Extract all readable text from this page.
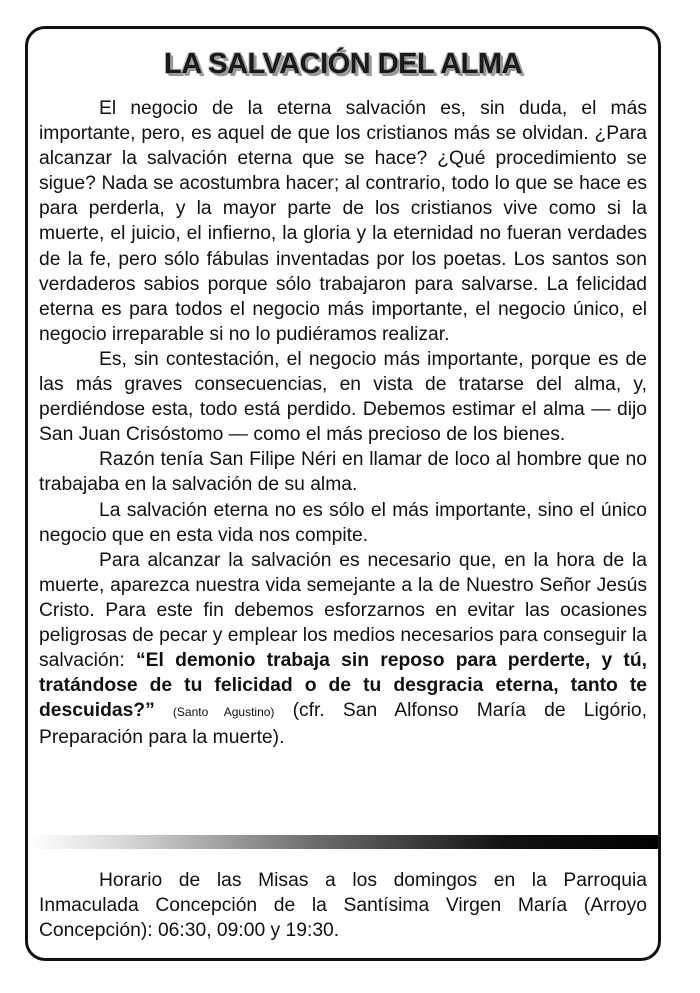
LA SALVACIÓN DEL ALMA

El negocio de la eterna salvación es, sin duda, el más importante, pero, es aquel de que los cristianos más se olvidan. ¿Para alcanzar la salvación eterna que se hace? ¿Qué procedimiento se sigue? Nada se acostumbra hacer; al contrario, todo lo que se hace es para perderla, y la mayor parte de los cristianos vive como si la muerte, el juicio, el infierno, la gloria y la eternidad no fueran verdades de la fe, pero sólo fábulas inventadas por los poetas. Los santos son verdaderos sabios porque sólo trabajaron para salvarse. La felicidad eterna es para todos el negocio más importante, el negocio único, el negocio irreparable si no lo pudiéramos realizar.

Es, sin contestación, el negocio más importante, porque es de las más graves consecuencias, en vista de tratarse del alma, y, perdiéndose esta, todo está perdido. Debemos estimar el alma — dijo San Juan Crisóstomo — como el más precioso de los bienes.

Razón tenía San Filipe Néri en llamar de loco al hombre que no trabajaba en la salvación de su alma.

La salvación eterna no es sólo el más importante, sino el único negocio que en esta vida nos compite.

Para alcanzar la salvación es necesario que, en la hora de la muerte, aparezca nuestra vida semejante a la de Nuestro Señor Jesús Cristo. Para este fin debemos esforzarnos en evitar las ocasiones peligrosas de pecar y emplear los medios necesarios para conseguir la salvación: “El demonio trabaja sin reposo para perderte, y tú, tratándose de tu felicidad o de tu desgracia eterna, tanto te descuidas?” (Santo Agustino) (cfr. San Alfonso María de Ligório, Preparación para la muerte).

Horario de las Misas a los domingos en la Parroquia Inmaculada Concepción de la Santísima Virgen María (Arroyo Concepción): 06:30, 09:00 y 19:30.
